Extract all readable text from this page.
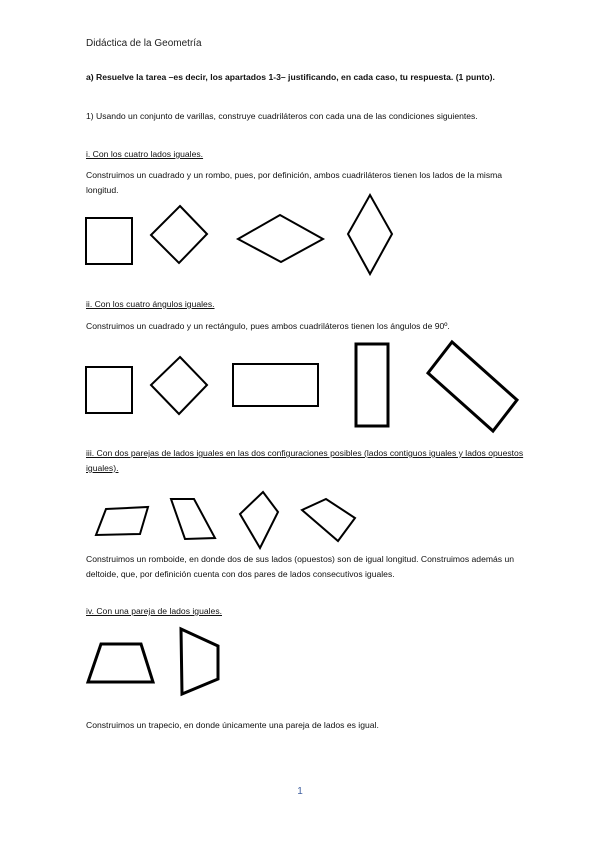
Didáctica de la Geometría
a) Resuelve la tarea –es decir, los apartados 1-3– justificando, en cada caso, tu respuesta. (1 punto).
1) Usando un conjunto de varillas, construye cuadriláteros con cada una de las condiciones siguientes.
i. Con los cuatro lados iguales.
Construimos un cuadrado y un rombo, pues, por definición, ambos cuadriláteros tienen los lados de la misma longitud.
ii. Con los cuatro ángulos iguales.
Construimos un cuadrado y un rectángulo, pues ambos cuadriláteros tienen los ángulos de 90º.
iii. Con dos parejas de lados iguales en las dos configuraciones posibles (lados contiguos iguales y lados opuestos iguales).
Construimos un romboide, en donde dos de sus lados (opuestos) son de igual longitud. Construimos además un deltoide, que, por definición cuenta con dos pares de lados consecutivos iguales.
iv. Con una pareja de lados iguales.
Construimos un trapecio, en donde únicamente una pareja de lados es igual.
1
